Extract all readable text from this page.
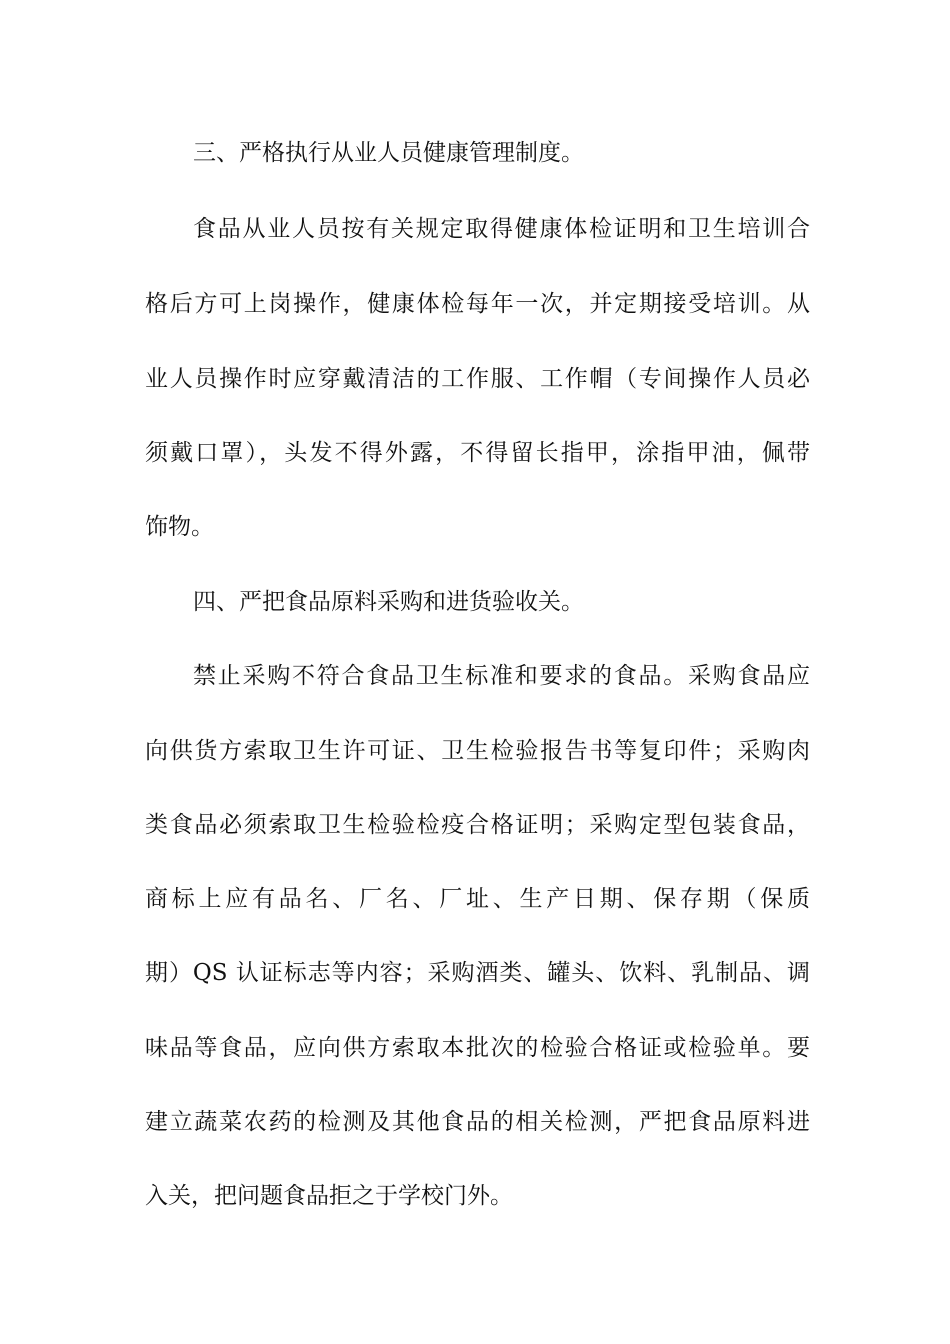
三、严格执行从业人员健康管理制度。
食品从业人员按有关规定取得健康体检证明和卫生培训合
格后方可上岗操作，健康体检每年一次，并定期接受培训。从
业人员操作时应穿戴清洁的工作服、工作帽（专间操作人员必
须戴口罩），头发不得外露，不得留长指甲，涂指甲油，佩带
饰物。
四、严把食品原料采购和进货验收关。
禁止采购不符合食品卫生标准和要求的食品。采购食品应
向供货方索取卫生许可证、卫生检验报告书等复印件；采购肉
类食品必须索取卫生检验检疫合格证明；采购定型包装食品，
商标上应有品名、厂名、厂址、生产日期、保存期（保质
期）QS 认证标志等内容；采购酒类、罐头、饮料、乳制品、调
味品等食品，应向供方索取本批次的检验合格证或检验单。要
建立蔬菜农药的检测及其他食品的相关检测，严把食品原料进
入关，把问题食品拒之于学校门外。
